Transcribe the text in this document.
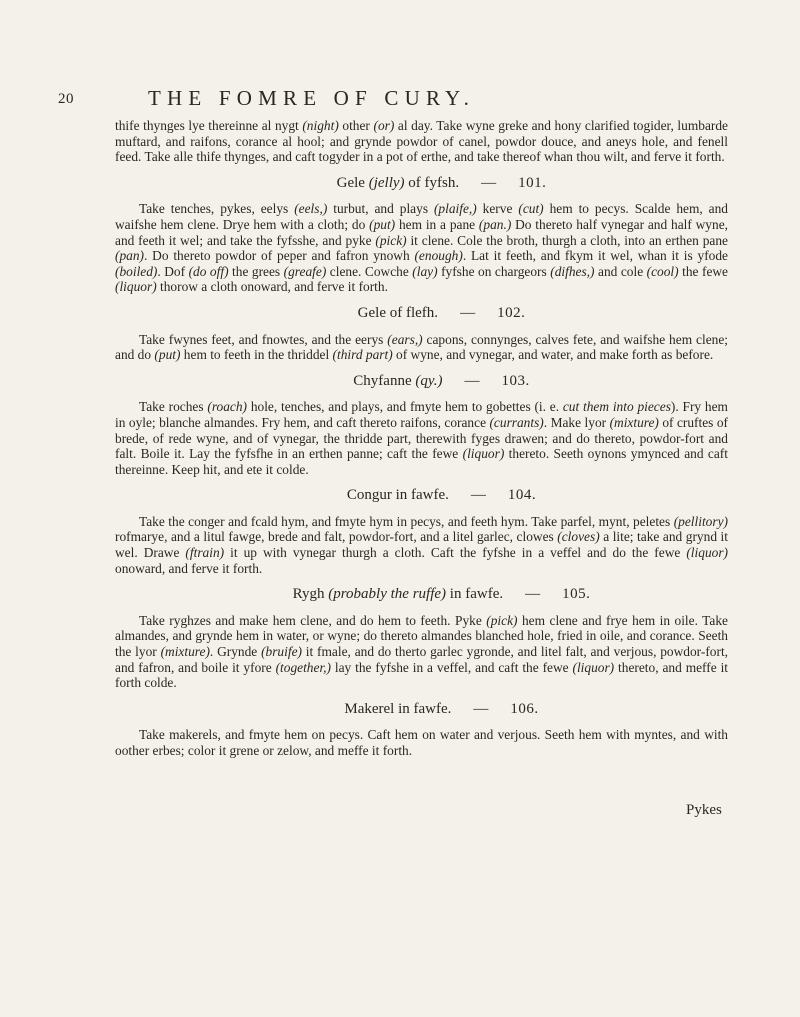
20	THE FOMRE OF CURY.

thife thynges lye thereinne al nygt (night) other (or) al day. Take wyne greke and hony clarified togider, lumbarde muftard, and raifons, corance al hool; and grynde powdor of canel, powdor douce, and aneys hole, and fenell feed. Take alle thife thynges, and caft togyder in a pot of erthe, and take thereof whan thou wilt, and ferve it forth.

Gele (jelly) of fyfsh. — 101.

Take tenches, pykes, eelys (eels,) turbut, and plays (plaife,) kerve (cut) hem to pecys. Scalde hem, and waifshe hem clene. Drye hem with a cloth; do (put) hem in a pane (pan.) Do thereto half vynegar and half wyne, and feeth it wel; and take the fyfsshe, and pyke (pick) it clene. Cole the broth, thurgh a cloth, into an erthen pane (pan). Do thereto powdor of peper and fafron ynowh (enough). Lat it feeth, and fkym it wel, whan it is yfode (boiled). Dof (do off) the grees (greafe) clene. Cowche (lay) fyfshe on chargeors (difhes,) and cole (cool) the fewe (liquor) thorow a cloth onoward, and ferve it forth.

Gele of flefh. — 102.

Take fwynes feet, and fnowtes, and the eerys (ears,) capons, connynges, calves fete, and waifshe hem clene; and do (put) hem to feeth in the thriddel (third part) of wyne, and vynegar, and water, and make forth as before.

Chyfanne (qy.) — 103.

Take roches (roach) hole, tenches, and plays, and fmyte hem to gobettes (i. e. cut them into pieces). Fry hem in oyle; blanche almandes. Fry hem, and caft thereto raifons, corance (currants). Make lyor (mixture) of cruftes of brede, of rede wyne, and of vynegar, the thridde part, therewith fyges drawen; and do thereto, powdor-fort and falt. Boile it. Lay the fyfsfhe in an erthen panne; caft the fewe (liquor) thereto. Seeth oynons ymynced and caft thereinne. Keep hit, and ete it colde.

Congur in fawfe. — 104.

Take the conger and fcald hym, and fmyte hym in pecys, and feeth hym. Take parfel, mynt, peletes (pellitory) rofmarye, and a litul fawge, brede and falt, powdor-fort, and a litel garlec, clowes (cloves) a lite; take and grynd it wel. Drawe (ftrain) it up with vynegar thurgh a cloth. Caft the fyfshe in a veffel and do the fewe (liquor) onoward, and ferve it forth.

Rygh (probably the ruffe) in fawfe. — 105.

Take ryghzes and make hem clene, and do hem to feeth. Pyke (pick) hem clene and frye hem in oile. Take almandes, and grynde hem in water, or wyne; do thereto almandes blanched hole, fried in oile, and corance. Seeth the lyor (mixture). Grynde (bruife) it fmale, and do therto garlec ygronde, and litel falt, and verjous, powdor-fort, and fafron, and boile it yfore (together,) lay the fyfshe in a veffel, and caft the fewe (liquor) thereto, and meffe it forth colde.

Makerel in fawfe. — 106.

Take makerels, and fmyte hem on pecys. Caft hem on water and verjous. Seeth hem with myntes, and with oother erbes; color it grene or zelow, and meffe it forth.

Pykes
